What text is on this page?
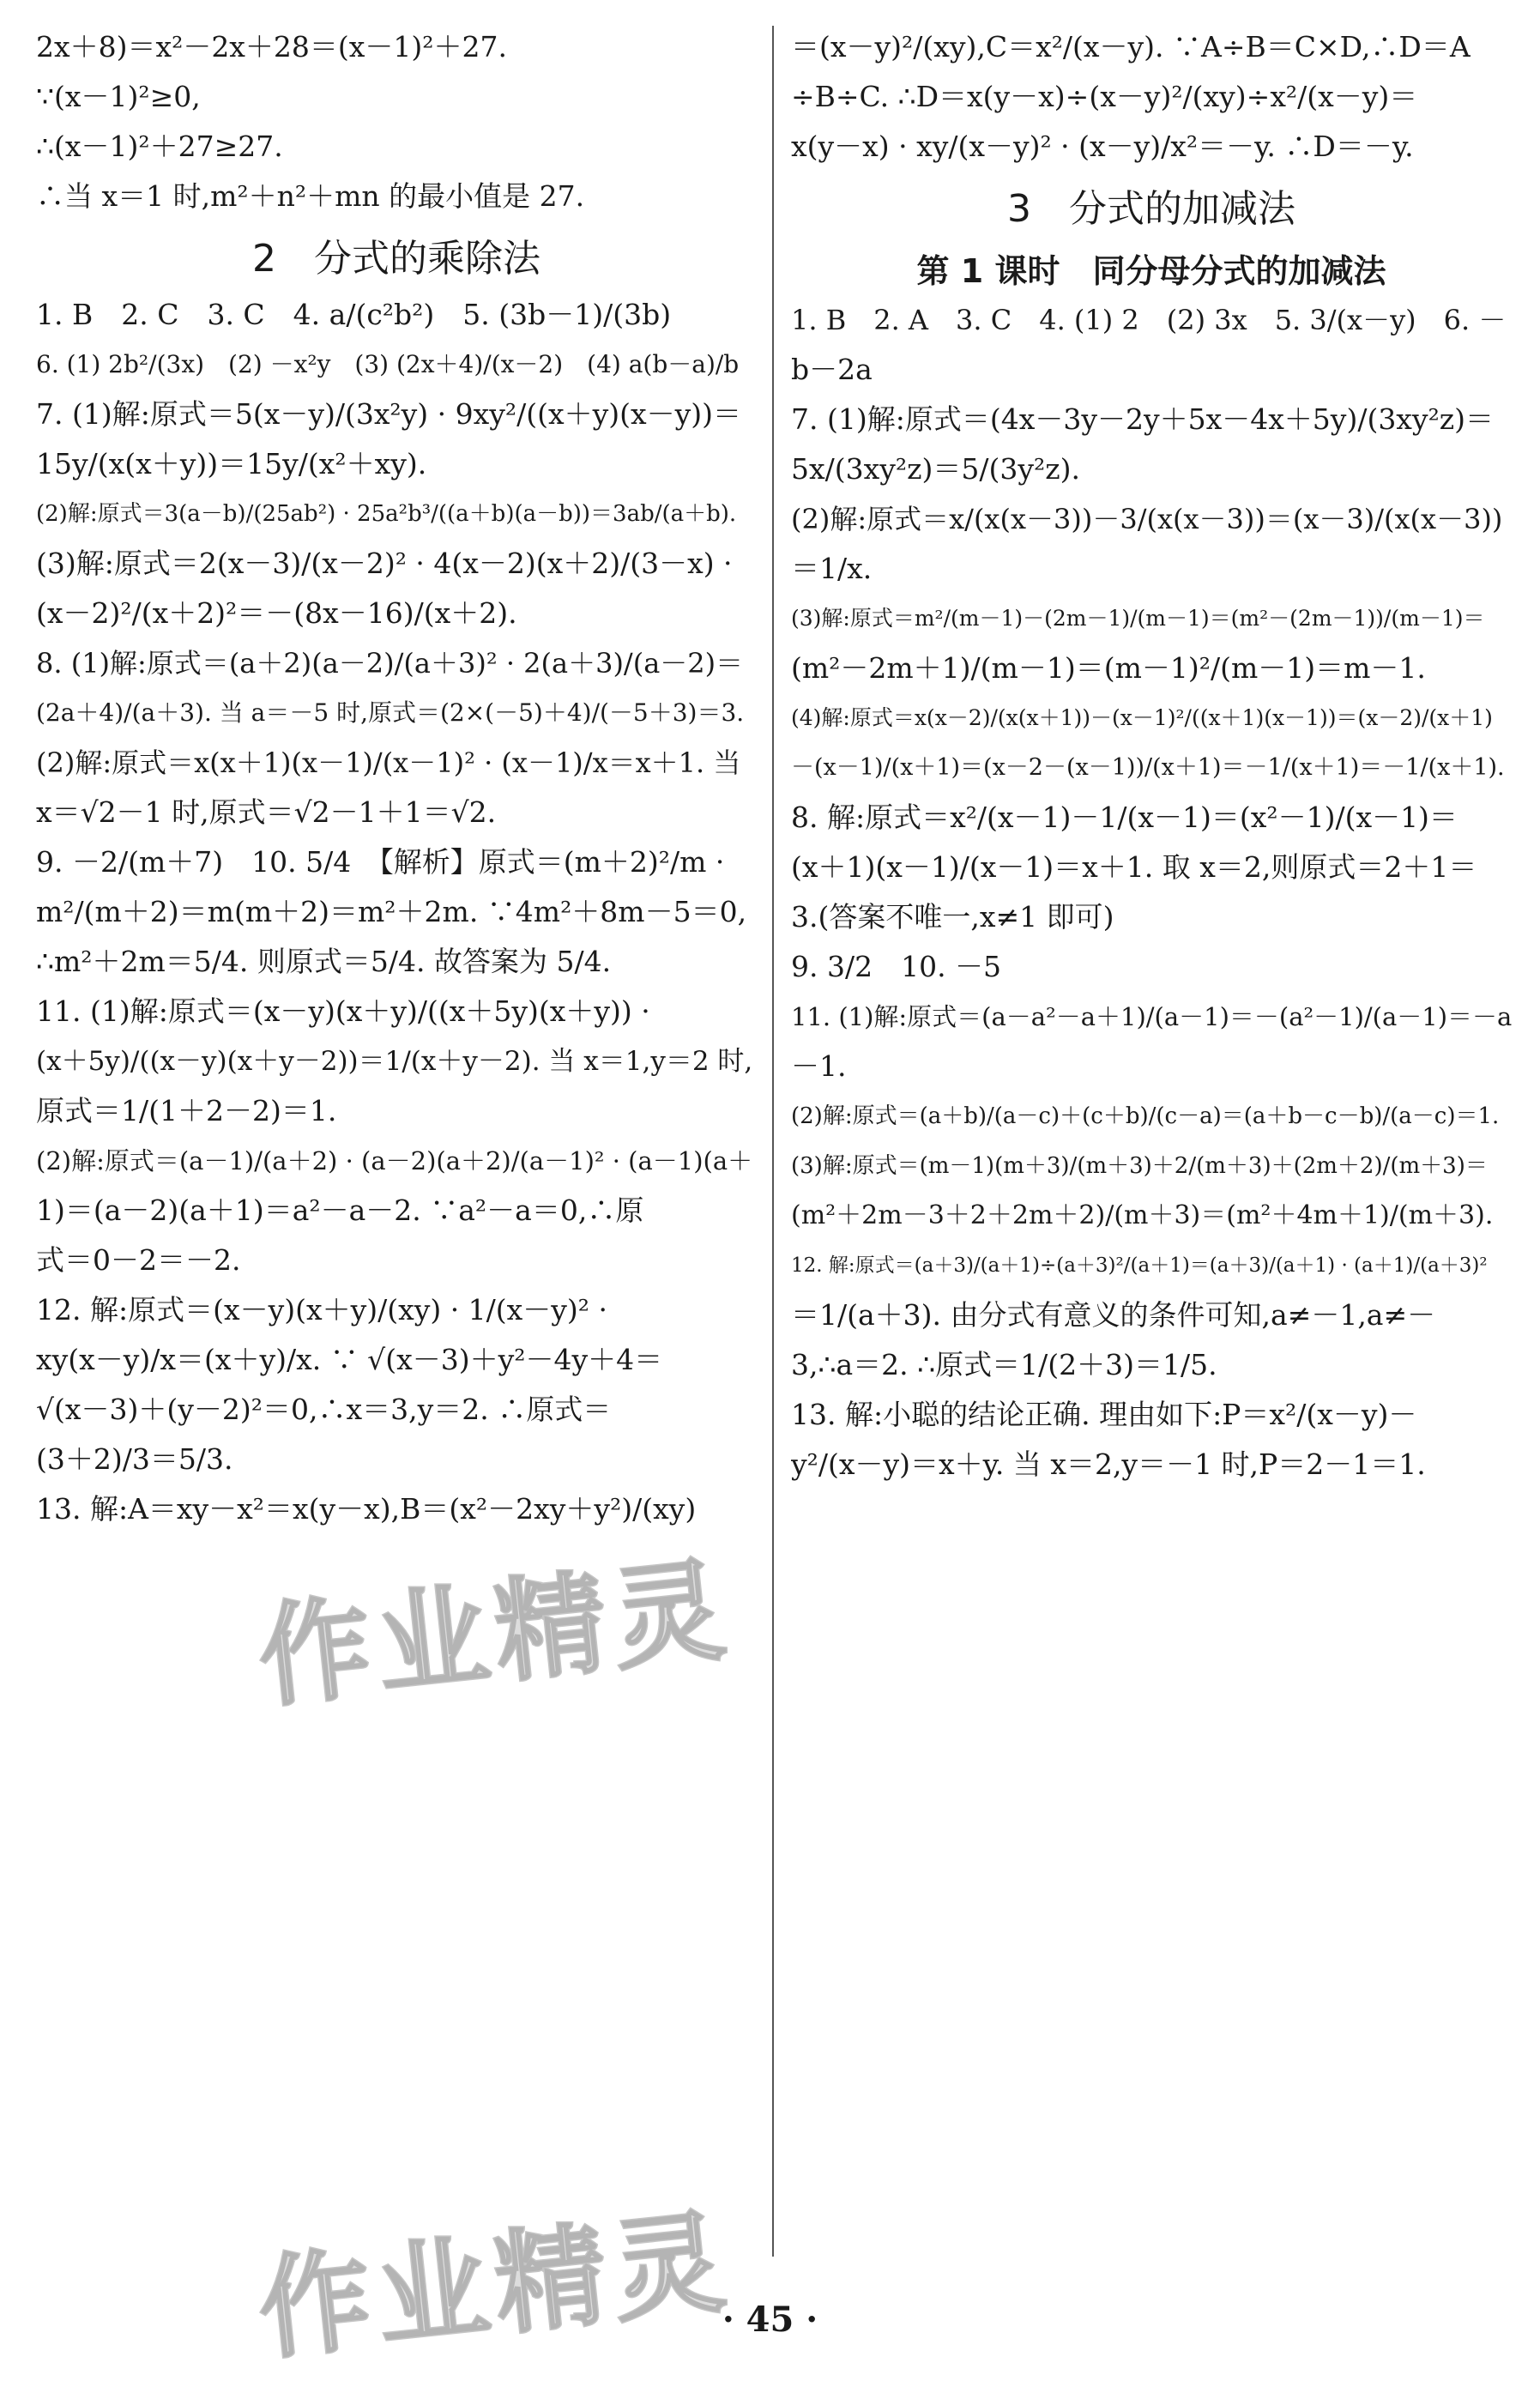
2x＋8)＝x²－2x＋28＝(x－1)²＋27.
∵(x－1)²≥0,
∴(x－1)²＋27≥27.
∴当 x＝1 时,m²＋n²＋mn 的最小值是 27.
2　分式的乘除法
1. B　2. C　3. C　4. a/(c²b²)　5. (3b－1)/(3b)
6. (1) 2b²/(3x)　(2) －x²y　(3) (2x＋4)/(x－2)　(4) a(b－a)/b
7. (1)解:原式＝5(x－y)/(3x²y) · 9xy²/((x＋y)(x－y))＝
15y/(x(x＋y))＝15y/(x²＋xy).
(2)解:原式＝3(a－b)/(25ab²) · 25a²b³/((a＋b)(a－b))＝3ab/(a＋b).
(3)解:原式＝2(x－3)/(x－2)² · 4(x－2)(x＋2)/(3－x) ·
(x－2)²/(x＋2)²＝－(8x－16)/(x＋2).
8. (1)解:原式＝(a＋2)(a－2)/(a＋3)² · 2(a＋3)/(a－2)＝
(2a＋4)/(a＋3). 当 a＝－5 时,原式＝(2×(－5)＋4)/(－5＋3)＝3.
(2)解:原式＝x(x＋1)(x－1)/(x－1)² · (x－1)/x＝x＋1. 当
x＝√2－1 时,原式＝√2－1＋1＝√2.
9. －2/(m＋7)　10. 5/4　【解析】原式＝(m＋2)²/m ·
m²/(m＋2)＝m(m＋2)＝m²＋2m. ∵4m²＋8m－5＝0,
∴m²＋2m＝5/4. 则原式＝5/4. 故答案为 5/4.
11. (1)解:原式＝(x－y)(x＋y)/((x＋5y)(x＋y)) ·
(x＋5y)/((x－y)(x＋y－2))＝1/(x＋y－2). 当 x＝1,y＝2 时,
原式＝1/(1＋2－2)＝1.
(2)解:原式＝(a－1)/(a＋2) · (a－2)(a＋2)/(a－1)² · (a－1)(a＋
1)＝(a－2)(a＋1)＝a²－a－2. ∵a²－a＝0,∴原
式＝0－2＝－2.
12. 解:原式＝(x－y)(x＋y)/(xy) · 1/(x－y)² ·
xy(x－y)/x＝(x＋y)/x. ∵ √(x－3)＋y²－4y＋4＝
√(x－3)＋(y－2)²＝0,∴x＝3,y＝2. ∴原式＝
(3＋2)/3＝5/3.
13. 解:A＝xy－x²＝x(y－x),B＝(x²－2xy＋y²)/(xy)
＝(x－y)²/(xy),C＝x²/(x－y). ∵A÷B＝C×D,∴D＝A
÷B÷C. ∴D＝x(y－x)÷(x－y)²/(xy)÷x²/(x－y)＝
x(y－x) · xy/(x－y)² · (x－y)/x²＝－y. ∴D＝－y.
3　分式的加减法
第 1 课时　同分母分式的加减法
1. B　2. A　3. C　4. (1) 2　(2) 3x　5. 3/(x－y)　6. －
b－2a
7. (1)解:原式＝(4x－3y－2y＋5x－4x＋5y)/(3xy²z)＝
5x/(3xy²z)＝5/(3y²z).
(2)解:原式＝x/(x(x－3))－3/(x(x－3))＝(x－3)/(x(x－3))
＝1/x.
(3)解:原式＝m²/(m－1)－(2m－1)/(m－1)＝(m²－(2m－1))/(m－1)＝
(m²－2m＋1)/(m－1)＝(m－1)²/(m－1)＝m－1.
(4)解:原式＝x(x－2)/(x(x＋1))－(x－1)²/((x＋1)(x－1))＝(x－2)/(x＋1)
－(x－1)/(x＋1)＝(x－2－(x－1))/(x＋1)＝－1/(x＋1)＝－1/(x＋1).
8. 解:原式＝x²/(x－1)－1/(x－1)＝(x²－1)/(x－1)＝
(x＋1)(x－1)/(x－1)＝x＋1. 取 x＝2,则原式＝2＋1＝
3.(答案不唯一,x≠1 即可)
9. 3/2　10. －5
11. (1)解:原式＝(a－a²－a＋1)/(a－1)＝－(a²－1)/(a－1)＝－a
－1.
(2)解:原式＝(a＋b)/(a－c)＋(c＋b)/(c－a)＝(a＋b－c－b)/(a－c)＝1.
(3)解:原式＝(m－1)(m＋3)/(m＋3)＋2/(m＋3)＋(2m＋2)/(m＋3)＝
(m²＋2m－3＋2＋2m＋2)/(m＋3)＝(m²＋4m＋1)/(m＋3).
12. 解:原式＝(a＋3)/(a＋1)÷(a＋3)²/(a＋1)＝(a＋3)/(a＋1) · (a＋1)/(a＋3)²
＝1/(a＋3). 由分式有意义的条件可知,a≠－1,a≠－
3,∴a＝2. ∴原式＝1/(2＋3)＝1/5.
13. 解:小聪的结论正确. 理由如下:P＝x²/(x－y)－
y²/(x－y)＝x＋y. 当 x＝2,y＝－1 时,P＝2－1＝1.
作业精灵
作业精灵
· 45 ·
